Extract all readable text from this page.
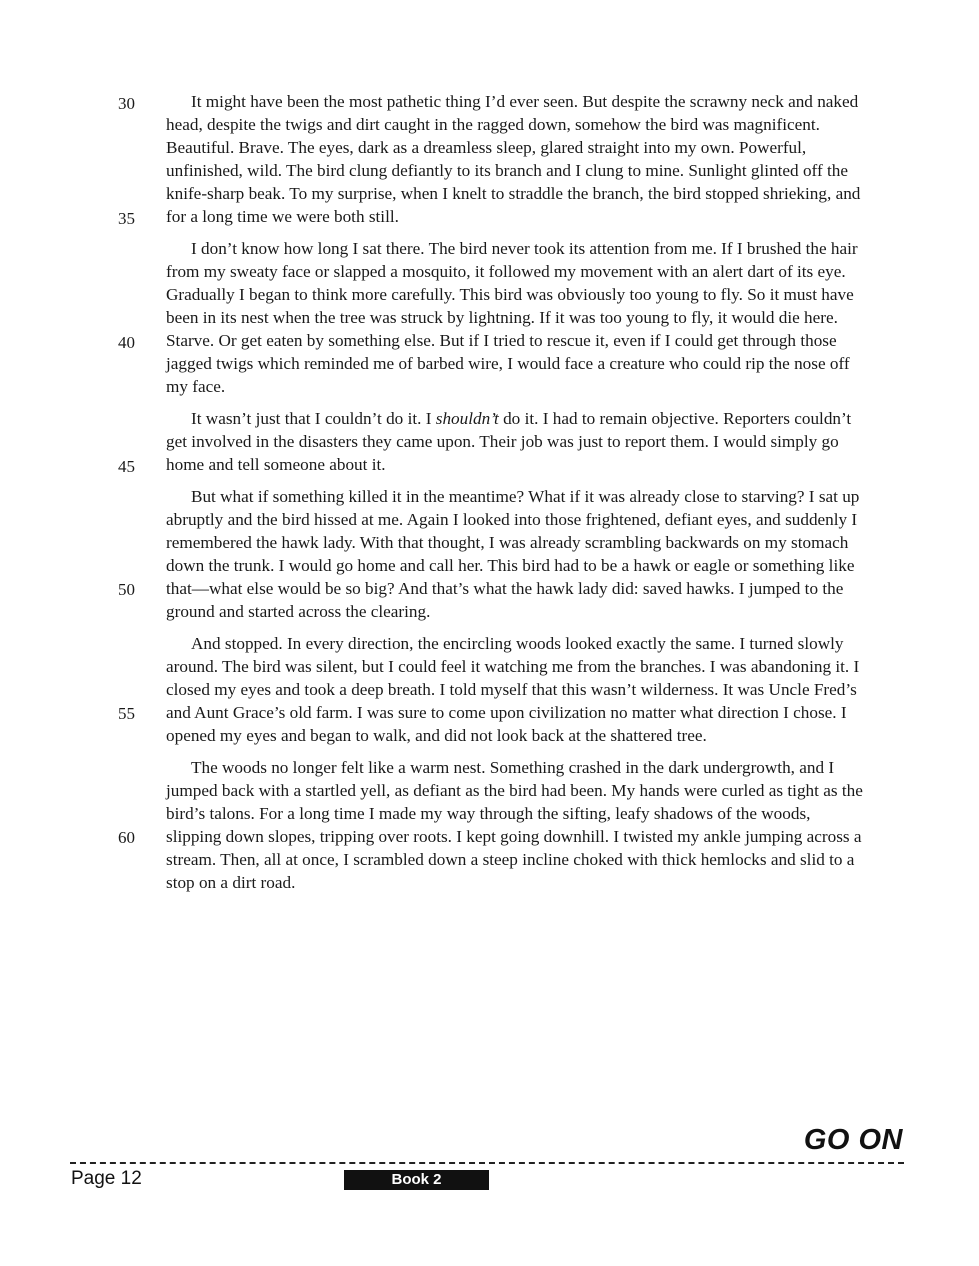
30
35
40
45
50
55
60

It might have been the most pathetic thing I’d ever seen. But despite the scrawny neck and naked head, despite the twigs and dirt caught in the ragged down, somehow the bird was magnificent. Beautiful. Brave. The eyes, dark as a dreamless sleep, glared straight into my own. Powerful, unfinished, wild. The bird clung defiantly to its branch and I clung to mine. Sunlight glinted off the knife-sharp beak. To my surprise, when I knelt to straddle the branch, the bird stopped shrieking, and for a long time we were both still.

I don’t know how long I sat there. The bird never took its attention from me. If I brushed the hair from my sweaty face or slapped a mosquito, it followed my movement with an alert dart of its eye. Gradually I began to think more carefully. This bird was obviously too young to fly. So it must have been in its nest when the tree was struck by lightning. If it was too young to fly, it would die here. Starve. Or get eaten by something else. But if I tried to rescue it, even if I could get through those jagged twigs which reminded me of barbed wire, I would face a creature who could rip the nose off my face.

It wasn’t just that I couldn’t do it. I shouldn’t do it. I had to remain objective. Reporters couldn’t get involved in the disasters they came upon. Their job was just to report them. I would simply go home and tell someone about it.

But what if something killed it in the meantime? What if it was already close to starving? I sat up abruptly and the bird hissed at me. Again I looked into those frightened, defiant eyes, and suddenly I remembered the hawk lady. With that thought, I was already scrambling backwards on my stomach down the trunk. I would go home and call her. This bird had to be a hawk or eagle or something like that—what else would be so big? And that’s what the hawk lady did: saved hawks. I jumped to the ground and started across the clearing.

And stopped. In every direction, the encircling woods looked exactly the same. I turned slowly around. The bird was silent, but I could feel it watching me from the branches. I was abandoning it. I closed my eyes and took a deep breath. I told myself that this wasn’t wilderness. It was Uncle Fred’s and Aunt Grace’s old farm. I was sure to come upon civilization no matter what direction I chose. I opened my eyes and began to walk, and did not look back at the shattered tree.

The woods no longer felt like a warm nest. Something crashed in the dark undergrowth, and I jumped back with a startled yell, as defiant as the bird had been. My hands were curled as tight as the bird’s talons. For a long time I made my way through the sifting, leafy shadows of the woods, slipping down slopes, tripping over roots. I kept going downhill. I twisted my ankle jumping across a stream. Then, all at once, I scrambled down a steep incline choked with thick hemlocks and slid to a stop on a dirt road.

GO ON
Page 12	Book 2
